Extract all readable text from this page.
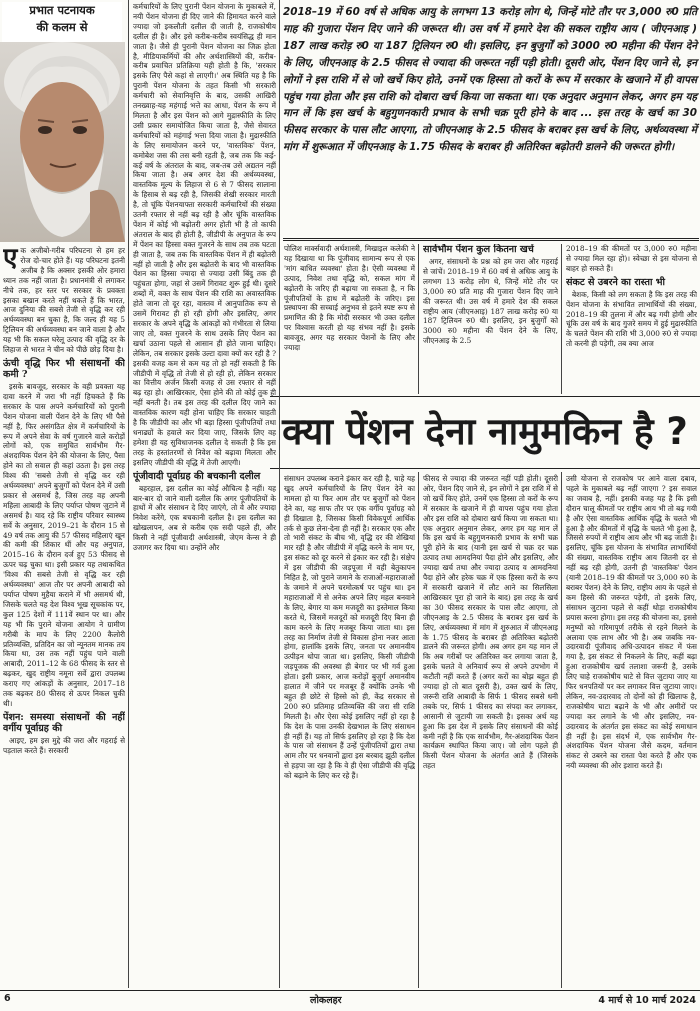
प्रभात पटनायक
की कलम से

2018–19 में 60 वर्ष से अधिक आयु के लगभग 13 करोड़ लोग थे, जिन्हें मोटे तौर पर 3,000 रु0 प्रति माह की गुजारा पेंशन दिए जाने की जरूरत थी। उस वर्ष में हमारे देश की सकल राष्ट्रीय आय ( जीएनआइ ) 187 लाख करोड़ रु0 या 187 ट्रिलियन रु0 थी। इसलिए, इन बुजुर्गों को 3000 रु0 महीना की पेंशन देने के लिए, जीएनआइ के 2.5 फीसद से ज्यादा की जरूरत नहीं पड़ी होती। दूसरी ओर, पेंशन दिए जाने से, इन लोगों ने इस राशि में से जो खर्चे किए होते, उनमें एक हिस्सा तो करों के रूप में सरकार के खजाने में ही वापस पहुंच गया होता और इस राशि को दोबारा खर्च किया जा सकता था। एक अनुदार अनुमान लेकर, अगर हम यह मान लें कि इस खर्च के बहुगुणनकारी प्रभाव के सभी चक्र पूरी होने के बाद ... इस तरह के खर्च का 30 फीसद सरकार के पास लौट आएगा, तो जीएनआइ के 2.5 फीसद के बराबर इस खर्च के लिए, अर्थव्यवस्था में मांग में शुरूआत में जीएनआइ के 1.75 फीसद के बराबर ही अतिरिक्त बढ़ोतरी डालने की जरूरत होगी।

एक अजीबो-गरीब परिघटना से हम हर रोज दो-चार होते हैं। यह परिघटना इतनी अजीब है कि अक्सर इसकी ओर हमारा ध्यान तक नहीं जाता है। प्रधानमंत्री से लगाकर नीचे तक, हर स्तर पर सरकार के प्रवक्ता इसका बखान करते नहीं थकते हैं कि भारत, आज दुनिया की सबसे तेजी से वृद्धि कर रही अर्थव्यवस्था बन चुका है, कि जल्द ही यह 5 ट्रिलियन की अर्थव्यवस्था बन जाने वाला है और यह भी कि सकल घरेलू उत्पाद की वृद्धि दर के लिहाज से भारत ने चीन को पीछे छोड़ दिया है।

ऊंची वृद्धि फिर भी संसाधनों की कमी ?

इसके बावजूद, सरकार के वही प्रवक्ता यह दावा करने में जरा भी नहीं हिचकते हैं कि सरकार के पास अपने कर्मचारियों को पुरानी पेंशन योजना वाली पेंशन देने के लिए भी पैसे नहीं है, फिर असंगठित क्षेत्र में कर्मचारियों के रूप में अपने सेवा के वर्ष गुजारने वाले करोड़ों लोगों को, एक समुचित सार्वभौम गैर-अंशदायिक पेंशन देने की योजना के लिए, पैसा होने का तो सवाल ही कहां उठता है। इस तरह विश्व की 'सबसे तेजी से वृद्धि कर रही अर्थव्यवस्था' अपने बुजुर्गों को पेंशन देने में उसी प्रकार से असमर्थ है, जिस तरह वह अपनी महिला आबादी के लिए पर्याप्त पोषण जुटाने में असमर्थ है। याद रहे कि राष्ट्रीय परिवार स्वास्थ्य सर्वे के अनुसार, 2019–21 के दौरान 15 से 49 वर्ष तक आयु की 57 फीसद महिलाएं खून की कमी की शिकार थीं और यह अनुपात, 2015–16 के दौरान दर्ज हुए 53 फीसद से ऊपर चढ़ चुका था। इसी प्रकार यह तथाकथित 'विश्व की सबसे तेजी से वृद्धि कर रही अर्थव्यवस्था' आज तौर पर अपनी आबादी को पर्याप्त पोषण मुहैया कराने में भी असमर्थ थी, जिसके चलते यह देश विश्व भूख सूचकांक पर, कुल 125 देशों में 111वें स्थान पर था। और यह भी कि पुराने योजना आयोग ने ग्रामीण गरीबी के माप के लिए 2200 कैलोरी प्रतिव्यक्ति, प्रतिदिन का जो न्यूनतम मानक तय किया था, उस तक नहीं पहुंच पाने वाली आबादी, 2011–12 के 68 फीसद के स्तर से बढ़कर, खुद राष्ट्रीय नमूना सर्वे द्वारा उपलब्ध कराए गए आंकड़ों के अनुसार, 2017–18 तक बढ़कर 80 फीसद से ऊपर निकल चुकी थी।

पेंशन: समस्या संसाधनों की नहीं वर्गीय पूर्वाग्रह की

आइए, हम इस मुद्दे की जरा और गहराई से पड़ताल करते हैं। सरकारी

कर्मचारियों के लिए पुरानी पेंशन योजना के मुकाबले में, नयी पेंशन योजना ही दिए जाने की हिमायत करने वाले ज्यादा जो इकलौती दलील दी जाती है, राजकोषीय दलील ही है। और इसे करीब-करीब स्वयंसिद्ध ही मान जाता है। जैसे ही पुरानी पेंशन योजना का जिक्र होता है, मीडियाकर्मियों की और अर्थशास्त्रियों की, करीब-करीब प्रवाचित प्रतिक्रिया यही होती है कि, 'सरकार इसके लिए पैसे कहां से लाएगी।' अब स्थिति यह है कि पुरानी पेंशन योजना के तहत किसी भी सरकारी कर्मचारी को सेवानिवृत्ति के बाद, उसकी आखिरी तनख्वाह-यह महंगाई भत्ते का आधा, पेंशन के रूप में मिलता है और इस पेंशन को आगे मुद्रास्फीति के लिए उसी प्रकार समायोजित किया जाता है, जैसे सेवारत कर्मचारियों को महंगाई भत्ता दिया जाता है। मुद्रास्फीति के लिए समायोजन करने पर, 'वास्तविक' पेंशन, कमोबेश जस की तस बनी रहती है, जब तक कि कई-कई वर्ष के अंतराल के बाद, जब-तब उसे अद्यतन नहीं किया जाता है। अब अगर देश की अर्थव्यवस्था, वास्तविक मूल्य के लिहाज से 6 से 7 फीसद सालाना के हिसाब से बढ़ रही है, जिसकी शेखी सरकार मारती है, तो चूंकि पेंशनयाफ्ता सरकारी कर्मचारियों की संख्या उतनी रफ्तार से नहीं बढ़ रही है और चूंकि वास्तविक पेंशन में कोई भी बढ़ोतरी अगर होती भी है तो काफी अंतराल के बाद ही होती है, जीडीपी के अनुपात के रूप में पेंशन का हिस्सा वक्त गुजरने के साथ तब तक घटता ही जाता है, जब तक कि वास्तविक पेंशन में ही बढ़ोतरी नहीं हो जाती है और इस बढ़ोतरी के बाद भी वास्तविक पेंशन का हिस्सा ज्यादा से ज्यादा उसी बिंदु तक ही पहुंचता होगा, जहां से उसमें गिरावट शुरू हुई थी। दूसरे शब्दों में, वक्त के साथ पेंशन की राशि का अवास्तविक होते जाना तो दूर रहा, वास्तव में आनुपातिक रूप से उसमें गिरावट ही हो रही होगी और इसलिए, अगर सरकार के अपने वृद्धि के आंकड़ों को गंभीरता से लिया जाए तो, वक्त गुजरने के साथ उसके लिए पेंशन का खर्चा उठाना पहले से आसान ही होते जाना चाहिए। लेकिन, तब सरकार इसके उल्टा दावा क्यों कर रही है ? इसकी वजह कम से कम यह तो हो नहीं सकती है कि जीडीपी में वृद्धि तो तेजी से हो रही हो, लेकिन सरकार का वित्तीय अर्जन किसी वजह से उस रफ्तार से नहीं बढ़ रहा हो। आखिरकार, ऐसा होने की तो कोई तुक ही नहीं बनती है। तब इस तरह की दलील दिए जाने का वास्तविक कारण यही होना चाहिए कि सरकार चाहती है कि जीडीपी का और भी बड़ा हिस्सा पूंजीपतियों तथा धनाढ्यों के हवाले कर दिया जाए, जिसके लिए वह हमेशा ही यह सुविधाजनक दलील दे सकती है कि इस तरह के हस्तांतरणों से निवेश को बढ़ावा मिलता और इसलिए जीडीपी की वृद्धि में तेजी आएगी।

पूंजीवादी पूर्वाग्रह की बचकानी दलील

बहरहाल, इस दलील का कोई औचित्य है नहीं। यह बार-बार दो जाने वाली दलील कि अगर पूंजीपतियों के हाथों में और संसाधन दे दिए जाएंगे, तो वे और ज्यादा निवेश करेंगे, एक बचकानी दलील है। इस दलील का खोखलापन, अब से करीब एक सदी पहले ही, और किसी ने नहीं पूंजीवादी अर्थशास्त्री, जेएम केन्स ने ही उजागर कर दिया था। उन्होंने और

पोलिश मार्क्सवादी अर्थशास्त्री, मिखाइल कलेकी ने यह दिखाया था कि पूंजीवाद सामान्य रूप से एक 'मांग बाधित व्यवस्था' होता है। ऐसी व्यवस्था में उत्पाद, निवेश तथा वृद्धि को, सकल मांग में बढ़ोतरी के जरिए ही बढ़ाया जा सकता है, न कि पूंजीपतियों के हाथ में बढ़ोतरी के जरिए। इस प्रस्थापना की सच्चाई अनुभव से इतने स्पष्ट रूप से प्रमाणित की है कि मोदी सरकार भी उक्त दलील पर विश्वास करती हो यह संभव नहीं है। इसके बावजूद, अगर यह सरकार पेंशनों के लिए और ज्यादा

सार्वभौम पेंशन कुल कितना खर्च

अगर, संसाधनों के प्रश्न को हम जरा और गहराई से जांचें। 2018–19 में 60 वर्ष से अधिक आयु के लगभग 13 करोड़ लोग थे, जिन्हें मोटे तौर पर 3,000 रु0 प्रति माह की गुजारा पेंशन दिए जाने की जरूरत थी। उस वर्ष में हमारे देश की सकल राष्ट्रीय आय (जीएनआइ) 187 लाख करोड़ रु0 या 187 ट्रिलियन रु0 थी। इसलिए, इन बुजुर्गों को 3000 रु0 महीना की पेंशन देने के लिए, जीएनआइ के 2.5

2018–19 की कीमतों पर 3,000 रु0 महीना से ज्यादा मिल रहा हो)। स्वेच्छा से इस योजना से बाहर हो सकते हैं।

संकट से उबरने का रास्ता भी

बेशक, किसी को लग सकता है कि इस तरह की पेंशन योजना के संभावित लाभार्थियों की संख्या, 2018–19 की तुलना में और बढ़ गयी होगी और चूंकि उस वर्ष के बाद गुजरे समय में हुई मुद्रास्फीति के चलते पेंशन की राशि भी 3,000 रु0 से ज्यादा तो करनी ही पड़ेगी, तब क्या आज

क्या पेंशन देना नामुमकिन है ?

संसाधन उपलब्ध कराने इंकार कर रही है, चाहे यह खुद अपने कर्मचारियों के लिए पेंशन देने का मामला हो या फिर आम तौर पर बुजुर्गों को पेंशन देने का, यह साफ तौर पर एक वर्गीय पूर्वाग्रह को ही दिखाता है, जिसका किसी विवेकपूर्ण आर्थिक तर्क से कुछ लेना-देना ही नहीं है। सरकार एक और तो भारी संकट के बीच भी, वृद्धि दर की शेखियां मार रही है और जीडीपी में वृद्धि करने के नाम पर, इस संकट को दूर करने से इंकार कर रही है। संक्षेप में इस जीडीपी की जड़पूजा में वही बेतुकापन निहित है, जो पुराने जमाने के राजाओं-महाराजाओं के जमाने में अपने चरमोत्कर्ष पर पहुंच था। इन महाराजाओं में से अनेक अपने लिए महल बनवाने के लिए, बेगार या कम मजदूरी का इस्तेमाल किया करते थे, जिसमें मजदूरों को मजदूरी दिए बिना ही काम करने के लिए मजबूर किया जाता था। इस तरह का निर्माण तेजी से विकास होना नजर आता होगा, हालांकि इसके लिए, जनता पर अमानवीय उत्पीड़न थोपा जाता था। इसलिए, किसी जीडीपी जड़पूजक की अवस्था ही बेगार पर भी गर्व हुआ होता। इसी प्रकार, आज करोड़ों बुजुर्ग अमानवीय हालात में जीने पर मजबूर हैं क्योंकि उनके भी बहुत ही छोटे से हिस्से को ही, केंद्र सरकार से 200 रु0 प्रतिमाह प्रतिव्यक्ति की जरा सी राशि मिलती है। और ऐसा कोई इसलिए नहीं हो रहा है कि देश के पास उनकी देखभाल के लिए संसाधन ही नहीं हैं। यह तो सिर्फ इसलिए हो रहा है कि देश के पास जो संसाधन हैं उन्हें पूंजीपतियों द्वारा तथा आम तौर पर धनवानों द्वारा इस बरबाद झूठी दलील से हड़पा जा रहा है कि वे ही ऐसा जीडीपी की वृद्धि को बढ़ाने के लिए कर रहे हैं।

फीसद से ज्यादा की जरूरत नहीं पड़ी होती। दूसरी ओर, पेंशन दिए जाने से, इन लोगों ने इस राशि में से जो खर्चे किए होते, उनमें एक हिस्सा तो करों के रूप में सरकार के खजाने में ही वापस पहुंच गया होता और इस राशि को दोबारा खर्च किया जा सकता था। एक अनुदार अनुमान लेकर, अगर हम यह मान लें कि इस खर्च के बहुगुणनकारी प्रभाव के सभी चक्र पूरी होने के बाद (यानी इस खर्च से चक्र दर चक्र उत्पाद तथा आमदनियां पैदा होने और इसलिए, और ज्यादा खर्च तथा और ज्यादा उत्पाद व आमदनियां पैदा होने और हरेक चक्र में एक हिस्सा करों के रूप में सरकारी खजाने में लौट आने का सिलसिला आखिरकार पूरा हो जाने के बाद) इस तरह के खर्च का 30 फीसद सरकार के पास लौट आएगा, तो जीएनआइ के 2.5 फीसद के बराबर इस खर्च के लिए, अर्थव्यवस्था में मांग में शुरुआत में जीएनआइ के 1.75 फीसद के बराबर ही अतिरिक्त बढ़ोतरी डालने की जरूरत होगी। अब अगर हम यह मान लें कि अब गरीबों पर अतिरिक्त कर लगाया जाता है, इसके चलते वे अनिवार्य रूप से अपने उपभोग में कटौती नहीं करते हैं (अगर करों का बोझ बहुत ही ज्यादा हो तो बात दूसरी है), उक्त खर्च के लिए, जरूरी राशि आबादी के सिर्फ 1 फीसद सबसे धनी तबके पर, सिर्फ 1 फीसद का संपदा कर लगाकर, आसानी से जुटायी जा सकती है। इसका अर्थ यह हुआ कि इस देश में इसके लिए संसाधनों की कोई कमी नहीं है कि एक सार्वभौम, गैर-अंशदायिक पेंशन कार्यक्रम स्थापित किया जाए। जो लोग पहले ही किसी पेंशन योजना के अंतर्गत आते हैं (जिसके तहत

उसी योजना से राजकोष पर आने वाला दबाव, पहले के मुकाबले बढ़ नहीं जाएगा ? इस सवाल का जवाब है, नहीं। इसकी वजह यह है कि इसी दौरान चालू कीमतों पर राष्ट्रीय आय भी तो बढ़ गयी है और ऐसा वास्तविक आर्थिक वृद्धि के चलते भी हुआ है और कीमतों में वृद्धि के चलते भी हुआ है, जिससे रुपयों में राष्ट्रीय आय और भी बढ़ जाती है। इसलिए, चूंकि इस योजना के संभावित लाभार्थियों की संख्या, वास्तविक राष्ट्रीय आय जितनी दर से नहीं बढ़ रही होगी, उतनी ही 'वास्तविक' पेंशन (यानी 2018–19 की कीमतों पर 3,000 रु0 के बराबर पेंशन) देने के लिए, राष्ट्रीय आय के पहले से कम हिस्से की जरूरत पड़ेगी, तो इसके लिए, संसाधन जुटाना पहले से कहीं थोड़ा राजकोषीय प्रयास करना होगा। इस तरह की योजना का, इससे मनुष्यों को गरिमापूर्ण तरीके से रहने मिलने के अलावा एक लाभ और भी है। अब जबकि नव-उदारवादी पूंजीवाद अधि-उत्पादन संकट में फंस गया है, इस संकट से निकलने के लिए, कहीं बढ़ा हुआ राजकोषीय खर्च तलाशा जरूरी है, उसके लिए चाहे राजकोषीय घाटे से वित्त जुटाया जाए या फिर धनपतियों पर कर लगाकर वित्त जुटाया जाए। लेकिन, नव-उदारवाद तो दोनों को ही खिलाफ है, राजकोषीय घाटा बढ़ाने के भी और अमीरों पर ज्यादा कर लगाने के भी और इसलिए, नव-उदारवाद के अंतर्गत इस संकट का कोई समाधान ही नहीं है। इस संदर्भ में, एक सार्वभौम गैर-अंशदायिक पेंशन योजना जैसे कदम, वर्तमान संकट से उबरने का रास्ता पेश करते हैं और एक नयी व्यवस्था की ओर इशारा करते हैं।

6	लोकलहर	4 मार्च से 10 मार्च 2024
